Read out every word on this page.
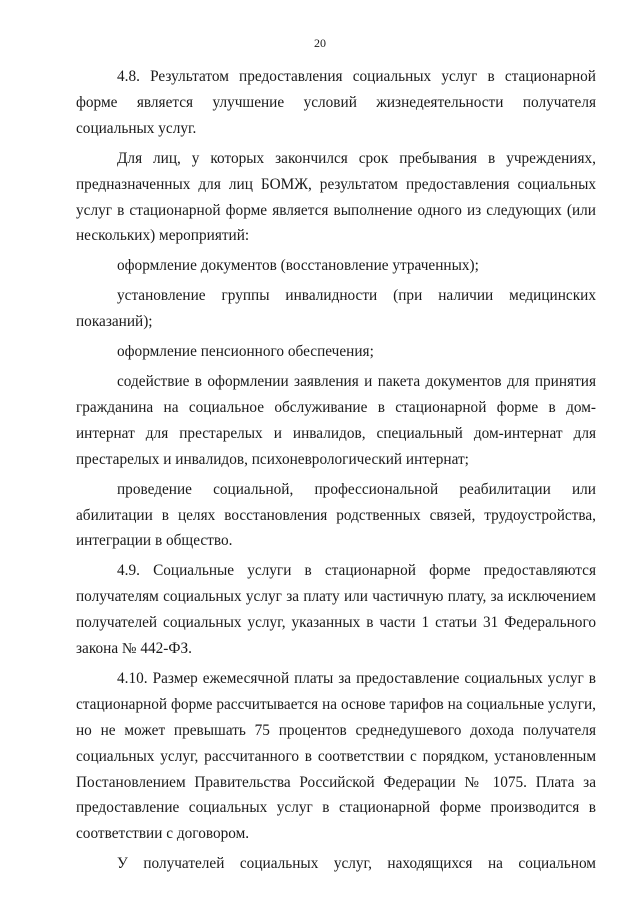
20

4.8. Результатом предоставления социальных услуг в стационарной форме является улучшение условий жизнедеятельности получателя социальных услуг.

Для лиц, у которых закончился срок пребывания в учреждениях, предназначенных для лиц БОМЖ, результатом предоставления социальных услуг в стационарной форме является выполнение одного из следующих (или нескольких) мероприятий:

оформление документов (восстановление утраченных);

установление группы инвалидности (при наличии медицинских показаний);

оформление пенсионного обеспечения;

содействие в оформлении заявления и пакета документов для принятия гражданина на социальное обслуживание в стационарной форме в дом-интернат для престарелых и инвалидов, специальный дом-интернат для престарелых и инвалидов, психоневрологический интернат;

проведение социальной, профессиональной реабилитации или абилитации в целях восстановления родственных связей, трудоустройства, интеграции в общество.

4.9. Социальные услуги в стационарной форме предоставляются получателям социальных услуг за плату или частичную плату, за исключением получателей социальных услуг, указанных в части 1 статьи 31 Федерального закона № 442-ФЗ.

4.10. Размер ежемесячной платы за предоставление социальных услуг в стационарной форме рассчитывается на основе тарифов на социальные услуги, но не может превышать 75 процентов среднедушевого дохода получателя социальных услуг, рассчитанного в соответствии с порядком, установленным Постановлением Правительства Российской Федерации № 1075. Плата за предоставление социальных услуг в стационарной форме производится в соответствии с договором.

У получателей социальных услуг, находящихся на социальном
